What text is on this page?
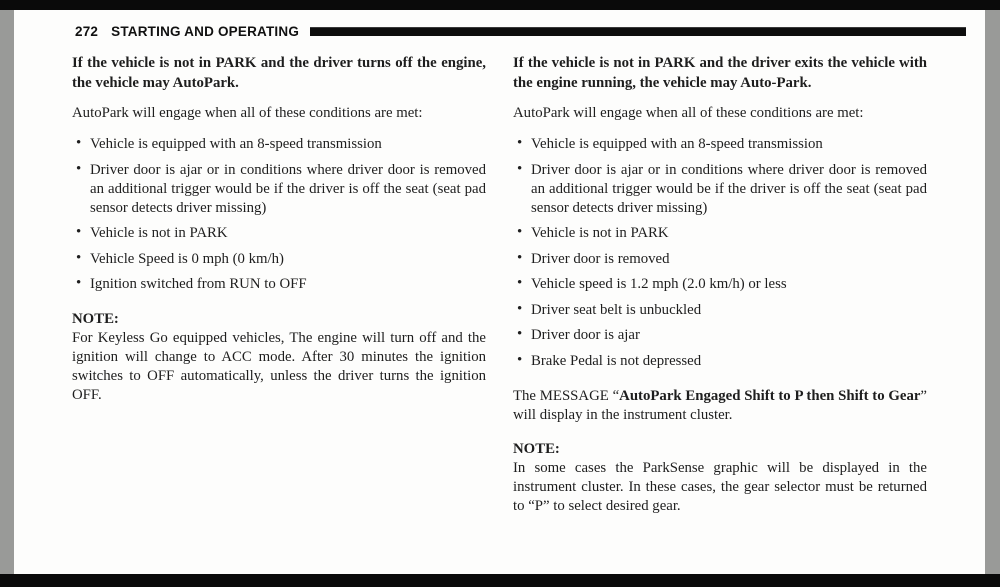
272 STARTING AND OPERATING
If the vehicle is not in PARK and the driver turns off the engine, the vehicle may AutoPark.

AutoPark will engage when all of these conditions are met:

• Vehicle is equipped with an 8-speed transmission
• Driver door is ajar or in conditions where driver door is removed an additional trigger would be if the driver is off the seat (seat pad sensor detects driver missing)
• Vehicle is not in PARK
• Vehicle Speed is 0 mph (0 km/h)
• Ignition switched from RUN to OFF

NOTE:

For Keyless Go equipped vehicles, The engine will turn off and the ignition will change to ACC mode. After 30 minutes the ignition switches to OFF automatically, unless the driver turns the ignition OFF.

If the vehicle is not in PARK and the driver exits the vehicle with the engine running, the vehicle may Auto-Park.

AutoPark will engage when all of these conditions are met:

• Vehicle is equipped with an 8-speed transmission
• Driver door is ajar or in conditions where driver door is removed an additional trigger would be if the driver is off the seat (seat pad sensor detects driver missing)
• Vehicle is not in PARK
• Driver door is removed
• Vehicle speed is 1.2 mph (2.0 km/h) or less
• Driver seat belt is unbuckled
• Driver door is ajar
• Brake Pedal is not depressed

The MESSAGE “AutoPark Engaged Shift to P then Shift to Gear” will display in the instrument cluster.

NOTE:

In some cases the ParkSense graphic will be displayed in the instrument cluster. In these cases, the gear selector must be returned to “P” to select desired gear.
